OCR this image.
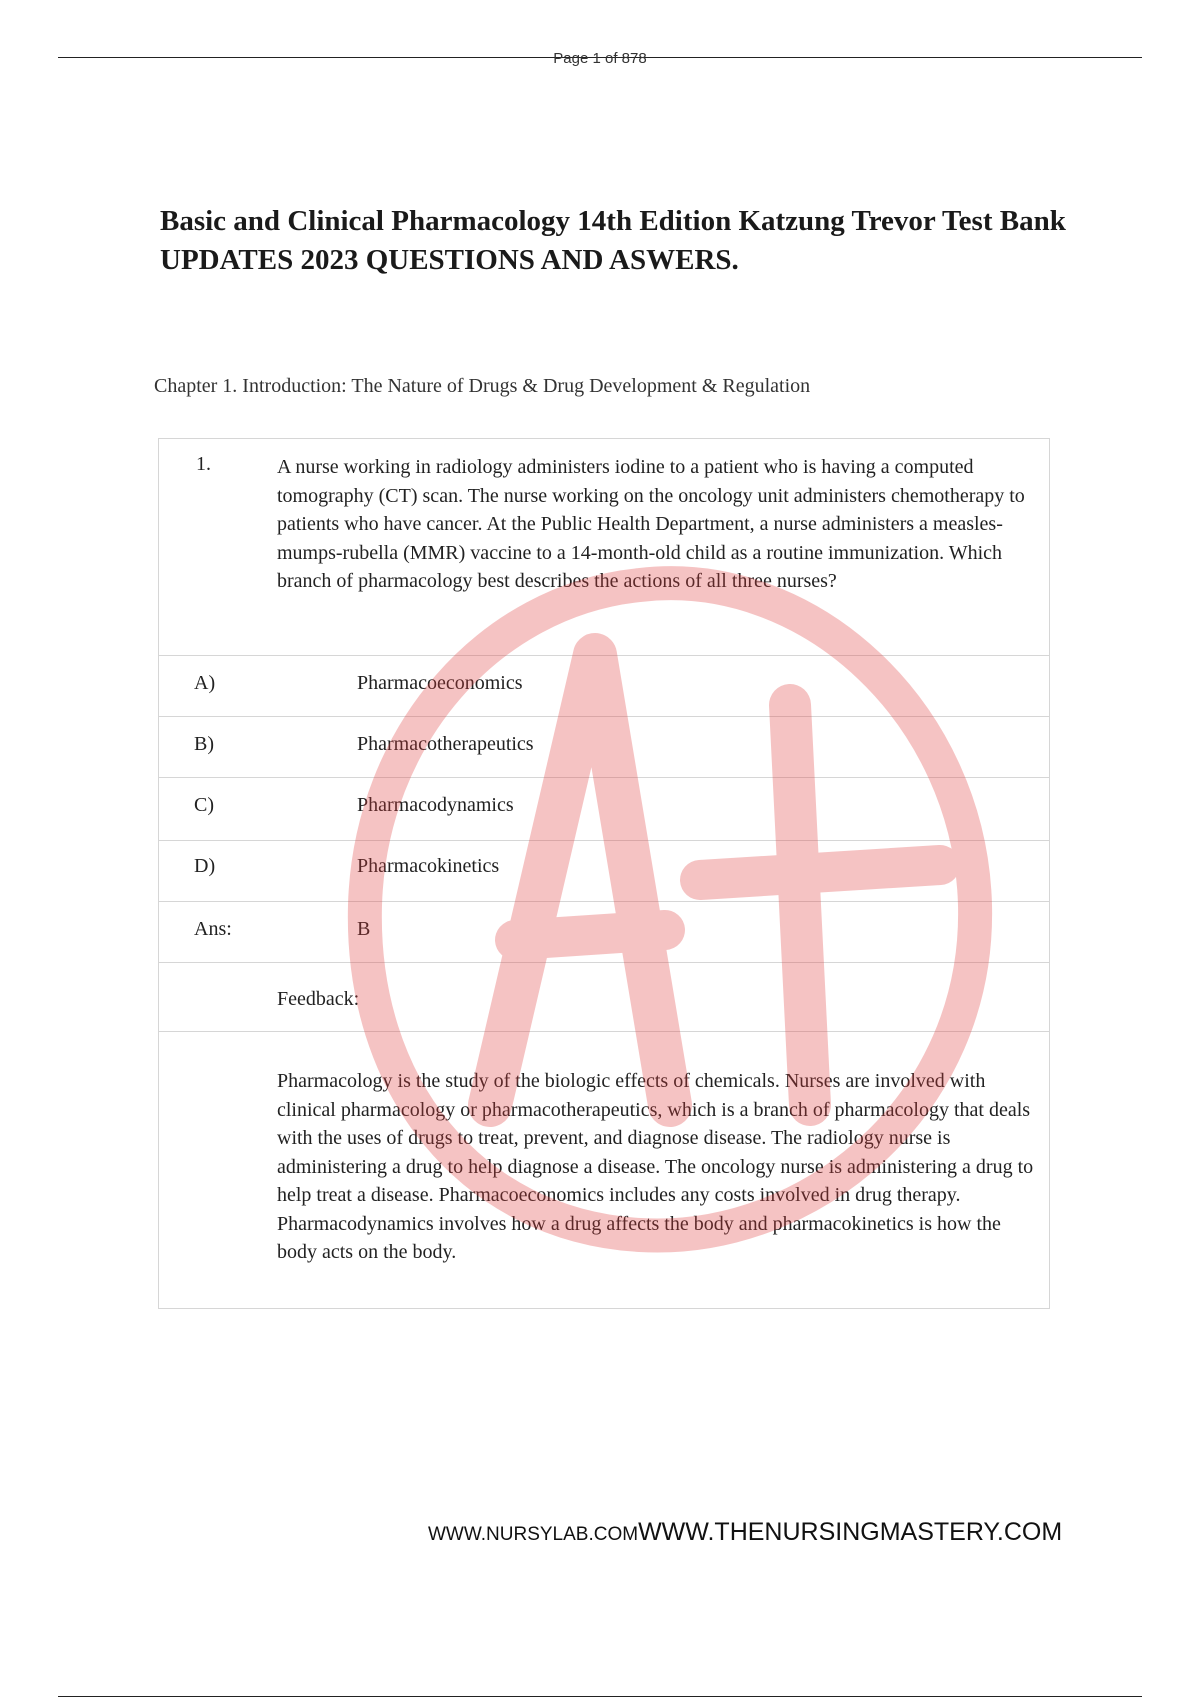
Page 1 of 878
Basic and Clinical Pharmacology 14th Edition Katzung Trevor Test Bank
UPDATES 2023 QUESTIONS AND ASWERS.
Chapter 1. Introduction: The Nature of Drugs & Drug Development & Regulation
1.	A nurse working in radiology administers iodine to a patient who is having a computed tomography (CT) scan. The nurse working on the oncology unit administers chemotherapy to patients who have cancer. At the Public Health Department, a nurse administers a measles-mumps-rubella (MMR) vaccine to a 14-month-old child as a routine immunization. Which branch of pharmacology best describes the actions of all three nurses?
A)	Pharmacoeconomics
B)	Pharmacotherapeutics
C)	Pharmacodynamics
D)	Pharmacokinetics
Ans:	B
Feedback:
Pharmacology is the study of the biologic effects of chemicals. Nurses are involved with clinical pharmacology or pharmacotherapeutics, which is a branch of pharmacology that deals with the uses of drugs to treat, prevent, and diagnose disease. The radiology nurse is administering a drug to help diagnose a disease. The oncology nurse is administering a drug to help treat a disease. Pharmacoeconomics includes any costs involved in drug therapy. Pharmacodynamics involves how a drug affects the body and pharmacokinetics is how the body acts on the body.
WWW.NURSYLAB.COMWWW.THENURSINGMASTERY.COM
